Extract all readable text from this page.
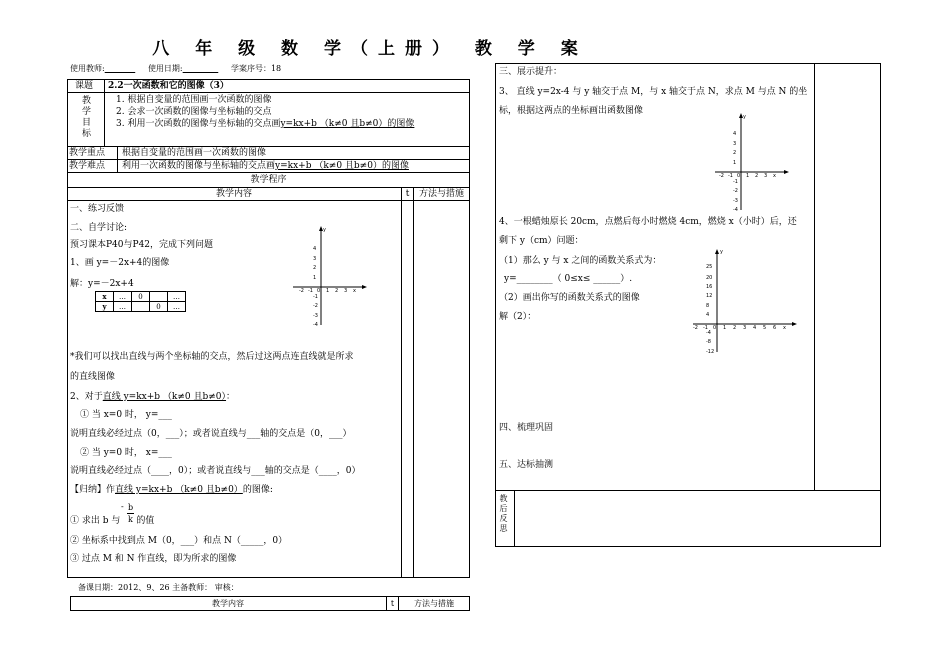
八 年 级 数 学（上册） 教 学 案
使用教师:	使用日期:	学案序号：18
课题 2.2一次函数和它的图像（3）
教学目标	1. 根据自变量的范围画一次函数的图像
2. 会求一次函数的图像与坐标轴的交点
3. 利用一次函数的图像与坐标轴的交点画y=kx+b （k≠0 且b≠0）的图像
教学重点 根据自变量的范围画一次函数的图像
教学难点 利用一次函数的图像与坐标轴的交点画y=kx+b （k≠0 且b≠0）的图像
教学程序
教学内容	t	方法与措施
一、练习反馈
二、自学讨论:
预习课本P40与P42，完成下列问题
1、画 y=－2x+4的图像
解：y=－2x+4
x	…	0		…
y	…		0	…
-2 -1 0 1 2 3 x
y
4
3
2
1
-1
-2
-3
-4
*我们可以找出直线与两个坐标轴的交点，然后过这两点连直线就是所求
的直线图像
2、对于直线 y=kx+b （k≠0 且b≠0）：
① 当 x=0 时， y=___
说明直线必经过点（0，___）；或者说直线与___轴的交点是（0，___）
② 当 y=0 时， x=___
说明直线必经过点（____，0）；或者说直线与___轴的交点是（____，0）
【归纳】作直线 y=kx+b （k≠0 且b≠0）的图像:
① 求出 b 与 的值
- b
k
② 坐标系中找到点 M（0，___）和点 N（_____，0）
③ 过点 M 和 N 作直线，即为所求的图像
备课日期：2012、9、26 主备教师： 审核：
教学内容	t	方法与措施
三、展示提升：
3、 直线 y=2x-4 与 y 轴交于点 M，与 x 轴交于点 N，求点 M 与点 N 的坐
标，根据这两点的坐标画出函数图像
-2 -1 0 1 2 3 x
y
4
3
2
1
-1
-2
-3
-4
4、一根蜡烛原长 20cm，点燃后每小时燃烧 4cm，燃烧 x（小时）后，还
剩下 y（cm）问题：
（1）那么 y 与 x 之间的函数关系式为：
y=________（ 0≤x≤ ______）.
（2）画出你写的函数关系式的图像
解（2）：
-2 -1 0 1 2 3 4 5 6 x
y
25
20
16
12
8
4
-4
-8
-12
四、梳理巩固
五、达标抽测
教后反思
